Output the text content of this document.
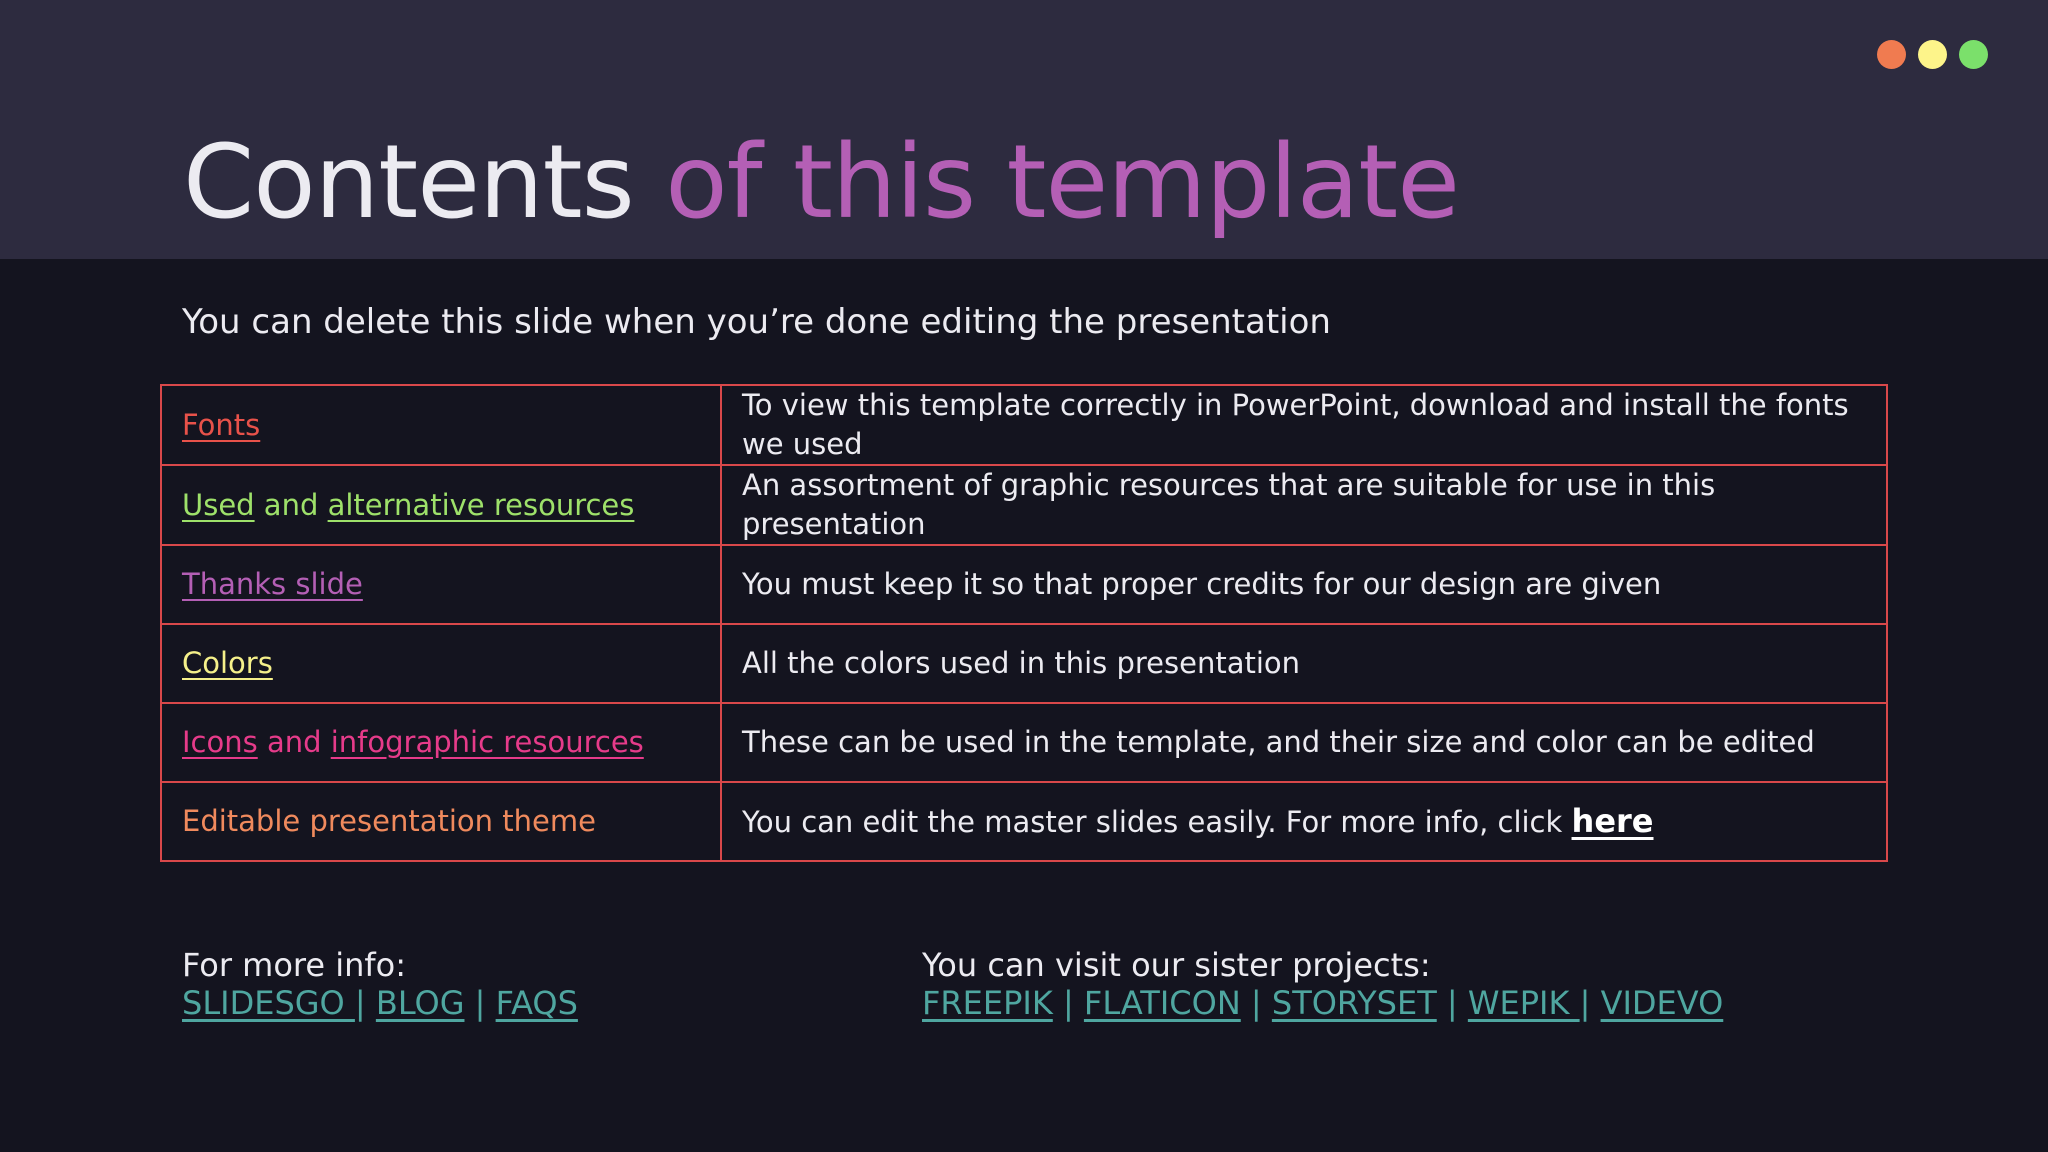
Contents of this template
You can delete this slide when you’re done editing the presentation
Fonts	To view this template correctly in PowerPoint, download and install the fonts we used
Used and alternative resources	An assortment of graphic resources that are suitable for use in this presentation
Thanks slide	You must keep it so that proper credits for our design are given
Colors	All the colors used in this presentation
Icons and infographic resources	These can be used in the template, and their size and color can be edited
Editable presentation theme	You can edit the master slides easily. For more info, click here
For more info:
SLIDESGO | BLOG | FAQS
You can visit our sister projects:
FREEPIK | FLATICON | STORYSET | WEPIK | VIDEVO
